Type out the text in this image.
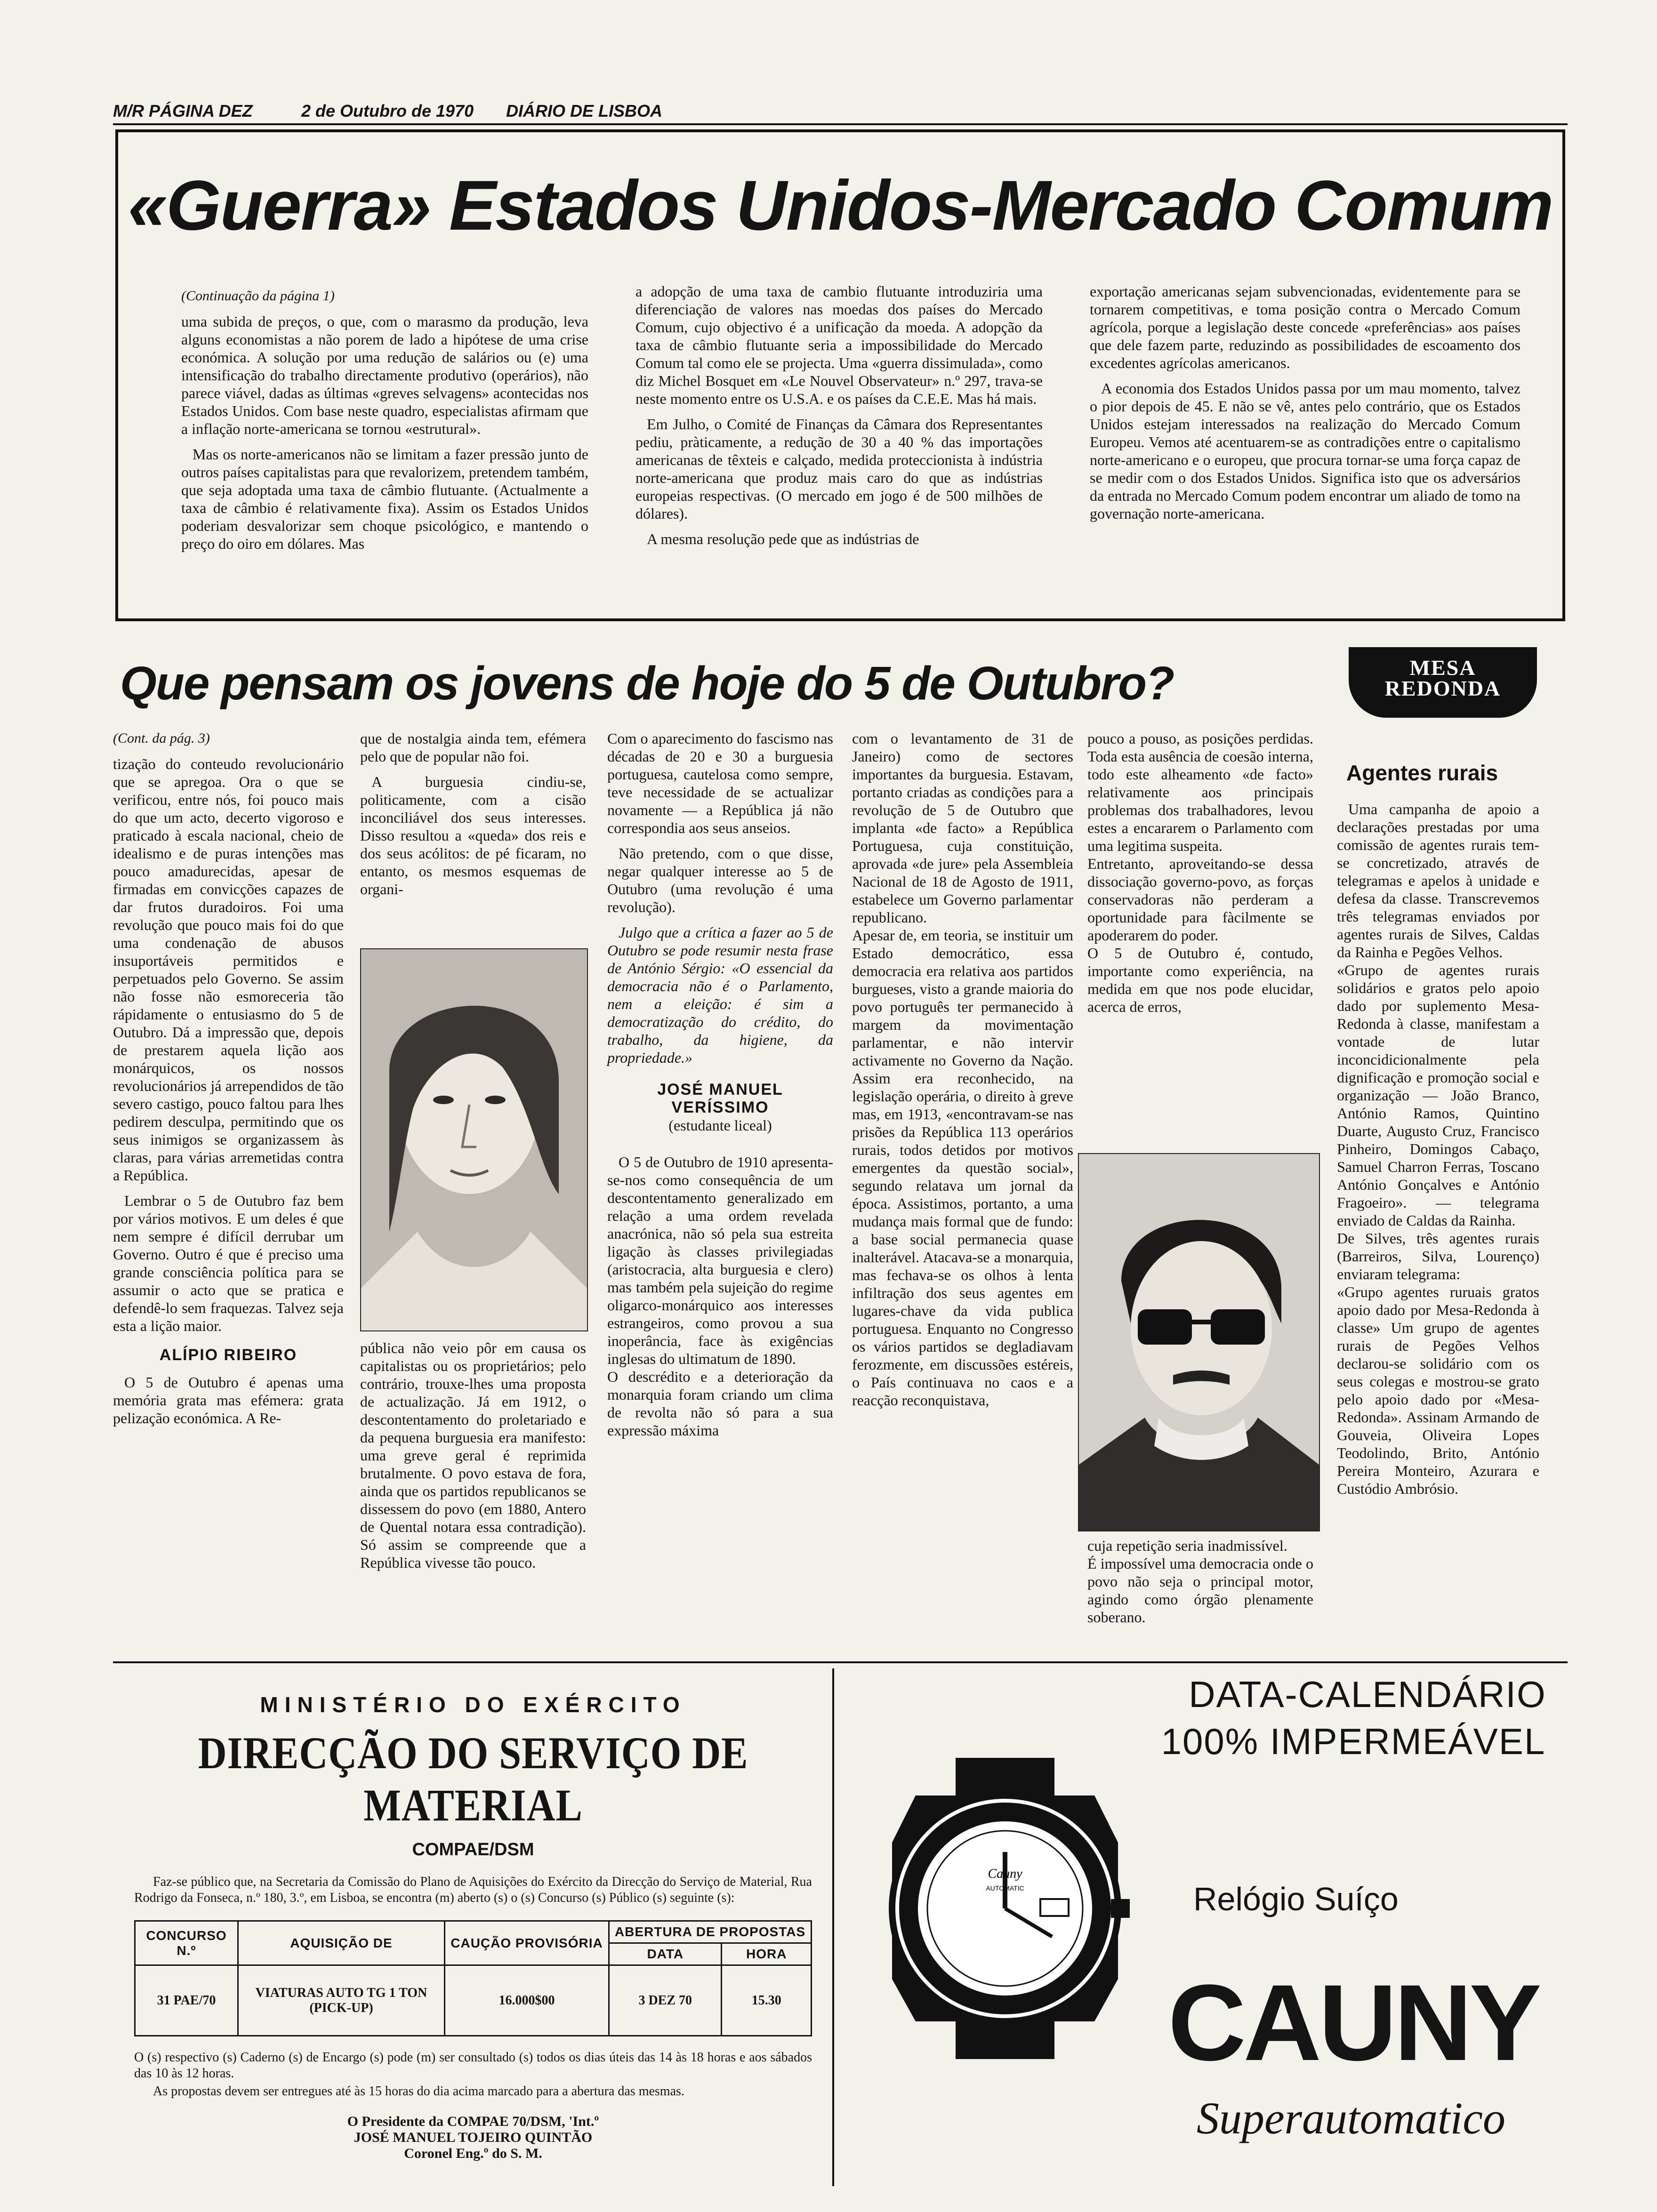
M/R PÁGINA DEZ	2 de Outubro de 1970 DIÁRIO DE LISBOA
«Guerra» Estados Unidos-Mercado Comum

(Continuação da página 1)

uma subida de preços, o que, com o marasmo da produção, leva alguns economistas a não porem de lado a hipótese de uma crise económica. A solução por uma redução de salários ou (e) uma intensificação do trabalho directamente produtivo (operários), não parece viável, dadas as últimas «greves selvagens» acontecidas nos Estados Unidos. Com base neste quadro, especialistas afirmam que a inflação norte-americana se tornou «estrutural».

Mas os norte-americanos não se limitam a fazer pressão junto de outros países capitalistas para que revalorizem, pretendem também, que seja adoptada uma taxa de câmbio flutuante. (Actualmente a taxa de câmbio é relativamente fixa). Assim os Estados Unidos poderiam desvalorizar sem choque psicológico, e mantendo o preço do oiro em dólares. Mas

a adopção de uma taxa de cambio flutuante introduziria uma diferenciação de valores nas moedas dos países do Mercado Comum, cujo objectivo é a unificação da moeda. A adopção da taxa de câmbio flutuante seria a impossibilidade do Mercado Comum tal como ele se projecta. Uma «guerra dissimulada», como diz Michel Bosquet em «Le Nouvel Observateur» n.º 297, trava-se neste momento entre os U.S.A. e os países da C.E.E. Mas há mais.

Em Julho, o Comité de Finanças da Câmara dos Representantes pediu, pràticamente, a redução de 30 a 40 % das importações americanas de têxteis e calçado, medida proteccionista à indústria norte-americana que produz mais caro do que as indústrias europeias respectivas. (O mercado em jogo é de 500 milhões de dólares).

A mesma resolução pede que as indústrias de

exportação americanas sejam subvencionadas, evidentemente para se tornarem competitivas, e toma posição contra o Mercado Comum agrícola, porque a legislação deste concede «preferências» aos países que dele fazem parte, reduzindo as possibilidades de escoamento dos excedentes agrícolas americanos.

A economia dos Estados Unidos passa por um mau momento, talvez o pior depois de 45. E não se vê, antes pelo contrário, que os Estados Unidos estejam interessados na realização do Mercado Comum Europeu. Vemos até acentuarem-se as contradições entre o capitalismo norte-americano e o europeu, que procura tornar-se uma força capaz de se medir com o dos Estados Unidos. Significa isto que os adversários da entrada no Mercado Comum podem encontrar um aliado de tomo na governação norte-americana.

Que pensam os jovens de hoje do 5 de Outubro?	MESA
REDONDA

(Cont. da pág. 3)

tização do conteudo revolucionário que se apregoa. Ora o que se verificou, entre nós, foi pouco mais do que um acto, decerto vigoroso e praticado à escala nacional, cheio de idealismo e de puras intenções mas pouco amadurecidas, apesar de firmadas em convicções capazes de dar frutos duradoiros. Foi uma revolução que pouco mais foi do que uma condenação de abusos insuportáveis permitidos e perpetuados pelo Governo. Se assim não fosse não esmoreceria tão rápidamente o entusiasmo do 5 de Outubro. Dá a impressão que, depois de prestarem aquela lição aos monárquicos, os nossos revolucionários já arrependidos de tão severo castigo, pouco faltou para lhes pedirem desculpa, permitindo que os seus inimigos se organizassem às claras, para várias arremetidas contra a República.

Lembrar o 5 de Outubro faz bem por vários motivos. E um deles é que nem sempre é difícil derrubar um Governo. Outro é que é preciso uma grande consciência política para se assumir o acto que se pratica e defendê-lo sem fraquezas. Talvez seja esta a lição maior.

ALÍPIO RIBEIRO

O 5 de Outubro é apenas uma memória grata mas efémera: grata pelização económica. A Re-

que de nostalgia ainda tem, efémera pelo que de popular não foi.

A burguesia cindiu-se, politicamente, com a cisão inconciliável dos seus interesses. Disso resultou a «queda» dos reis e dos seus acólitos: de pé ficaram, no entanto, os mesmos esquemas de organi-

pública não veio pôr em causa os capitalistas ou os proprietários; pelo contrário, trouxe-lhes uma proposta de actualização. Já em 1912, o descontentamento do proletariado e da pequena burguesia era manifesto: uma greve geral é reprimida brutalmente. O povo estava de fora, ainda que os partidos republicanos se dissessem do povo (em 1880, Antero de Quental notara essa contradição). Só assim se compreende que a República vivesse tão pouco.

Com o aparecimento do fascismo nas décadas de 20 e 30 a burguesia portuguesa, cautelosa como sempre, teve necessidade de se actualizar novamente — a República já não correspondia aos seus anseios.

Não pretendo, com o que disse, negar qualquer interesse ao 5 de Outubro (uma revolução é uma revolução).

Julgo que a crítica a fazer ao 5 de Outubro se pode resumir nesta frase de António Sérgio: «O essencial da democracia não é o Parlamento, nem a eleição: é sim a democratização do crédito, do trabalho, da higiene, da propriedade.»

JOSÉ MANUEL
VERÍSSIMO
(estudante liceal)

O 5 de Outubro de 1910 apresenta-se-nos como consequência de um descontentamento generalizado em relação a uma ordem revelada anacrónica, não só pela sua estreita ligação às classes privilegiadas (aristocracia, alta burguesia e clero) mas também pela sujeição do regime oligarco-monárquico aos interesses estrangeiros, como provou a sua inoperância, face às exigências inglesas do ultimatum de 1890.
O descrédito e a deterioração da monarquia foram criando um clima de revolta não só para a sua expressão máxima

com o levantamento de 31 de Janeiro) como de sectores importantes da burguesia. Estavam, portanto criadas as condições para a revolução de 5 de Outubro que implanta «de facto» a República Portuguesa, cuja constituição, aprovada «de jure» pela Assembleia Nacional de 18 de Agosto de 1911, estabelece um Governo parlamentar republicano.
Apesar de, em teoria, se instituir um Estado democrático, essa democracia era relativa aos partidos burgueses, visto a grande maioria do povo português ter permanecido à margem da movimentação parlamentar, e não intervir activamente no Governo da Nação. Assim era reconhecido, na legislação operária, o direito à greve mas, em 1913, «encontravam-se nas prisões da República 113 operários rurais, todos detidos por motivos emergentes da questão social», segundo relatava um jornal da época. Assistimos, portanto, a uma mudança mais formal que de fundo: a base social permanecia quase inalterável. Atacava-se a monarquia, mas fechava-se os olhos à lenta infiltração dos seus agentes em lugares-chave da vida publica portuguesa. Enquanto no Congresso os vários partidos se degladiavam ferozmente, em discussões estéreis, o País continuava no caos e a reacção reconquistava,

pouco a pouso, as posições perdidas. Toda esta ausência de coesão interna, todo este alheamento «de facto» relativamente aos principais problemas dos trabalhadores, levou estes a encararem o Parlamento com uma legitima suspeita.
Entretanto, aproveitando-se dessa dissociação governo-povo, as forças conservadoras não perderam a oportunidade para fàcilmente se apoderarem do poder.
O 5 de Outubro é, contudo, importante como experiência, na medida em que nos pode elucidar, acerca de erros,

cuja repetição seria inadmissível.
É impossível uma democracia onde o povo não seja o principal motor, agindo como órgão plenamente soberano.

Agentes rurais

Uma campanha de apoio a declarações prestadas por uma comissão de agentes rurais tem-se concretizado, através de telegramas e apelos à unidade e defesa da classe. Transcrevemos três telegramas enviados por agentes rurais de Silves, Caldas da Rainha e Pegões Velhos.
«Grupo de agentes rurais solidários e gratos pelo apoio dado por suplemento Mesa-Redonda à classe, manifestam a vontade de lutar inconcidicionalmente pela dignificação e promoção social e organização — João Branco, António Ramos, Quintino Duarte, Augusto Cruz, Francisco Pinheiro, Domingos Cabaço, Samuel Charron Ferras, Toscano António Gonçalves e António Fragoeiro». — telegrama enviado de Caldas da Rainha.
De Silves, três agentes rurais (Barreiros, Silva, Lourenço) enviaram telegrama:
«Grupo agentes ruruais gratos apoio dado por Mesa-Redonda à classe» Um grupo de agentes rurais de Pegões Velhos declarou-se solidário com os seus colegas e mostrou-se grato pelo apoio dado por «Mesa-Redonda». Assinam Armando de Gouveia, Oliveira Lopes Teodolindo, Brito, António Pereira Monteiro, Azurara e Custódio Ambrósio.

MINISTÉRIO DO EXÉRCITO
DIRECÇÃO DO SERVIÇO DE MATERIAL
COMPAE/DSM
Faz-se público que, na Secretaria da Comissão do Plano de Aquisições do Exército da Direcção do Serviço de Material, Rua Rodrigo da Fonseca, n.º 180, 3.º, em Lisboa, se encontra (m) aberto (s) o (s) Concurso (s) Público (s) seguinte (s):
CONCURSO N.º	AQUISIÇÃO DE	CAUÇÃO PROVISÓRIA	ABERTURA DE PROPOSTAS	
			DATA	HORA
31 PAE/70	VIATURAS AUTO TG 1 TON (PICK-UP)	16.000$00	3 DEZ 70	15.30
O (s) respectivo (s) Caderno (s) de Encargo (s) pode (m) ser consultado (s) todos os dias úteis das 14 às 18 horas e aos sábados das 10 às 12 horas.
As propostas devem ser entregues até às 15 horas do dia acima marcado para a abertura das mesmas.
O Presidente da COMPAE 70/DSM, 'Int.º
JOSÉ MANUEL TOJEIRO QUINTÃO
Coronel Eng.º do S. M.
DATA-CALENDÁRIO
100% IMPERMEÁVEL
Cauny
AUTOMATIC	Relógio Suíço
CAUNY
Superautomatico
